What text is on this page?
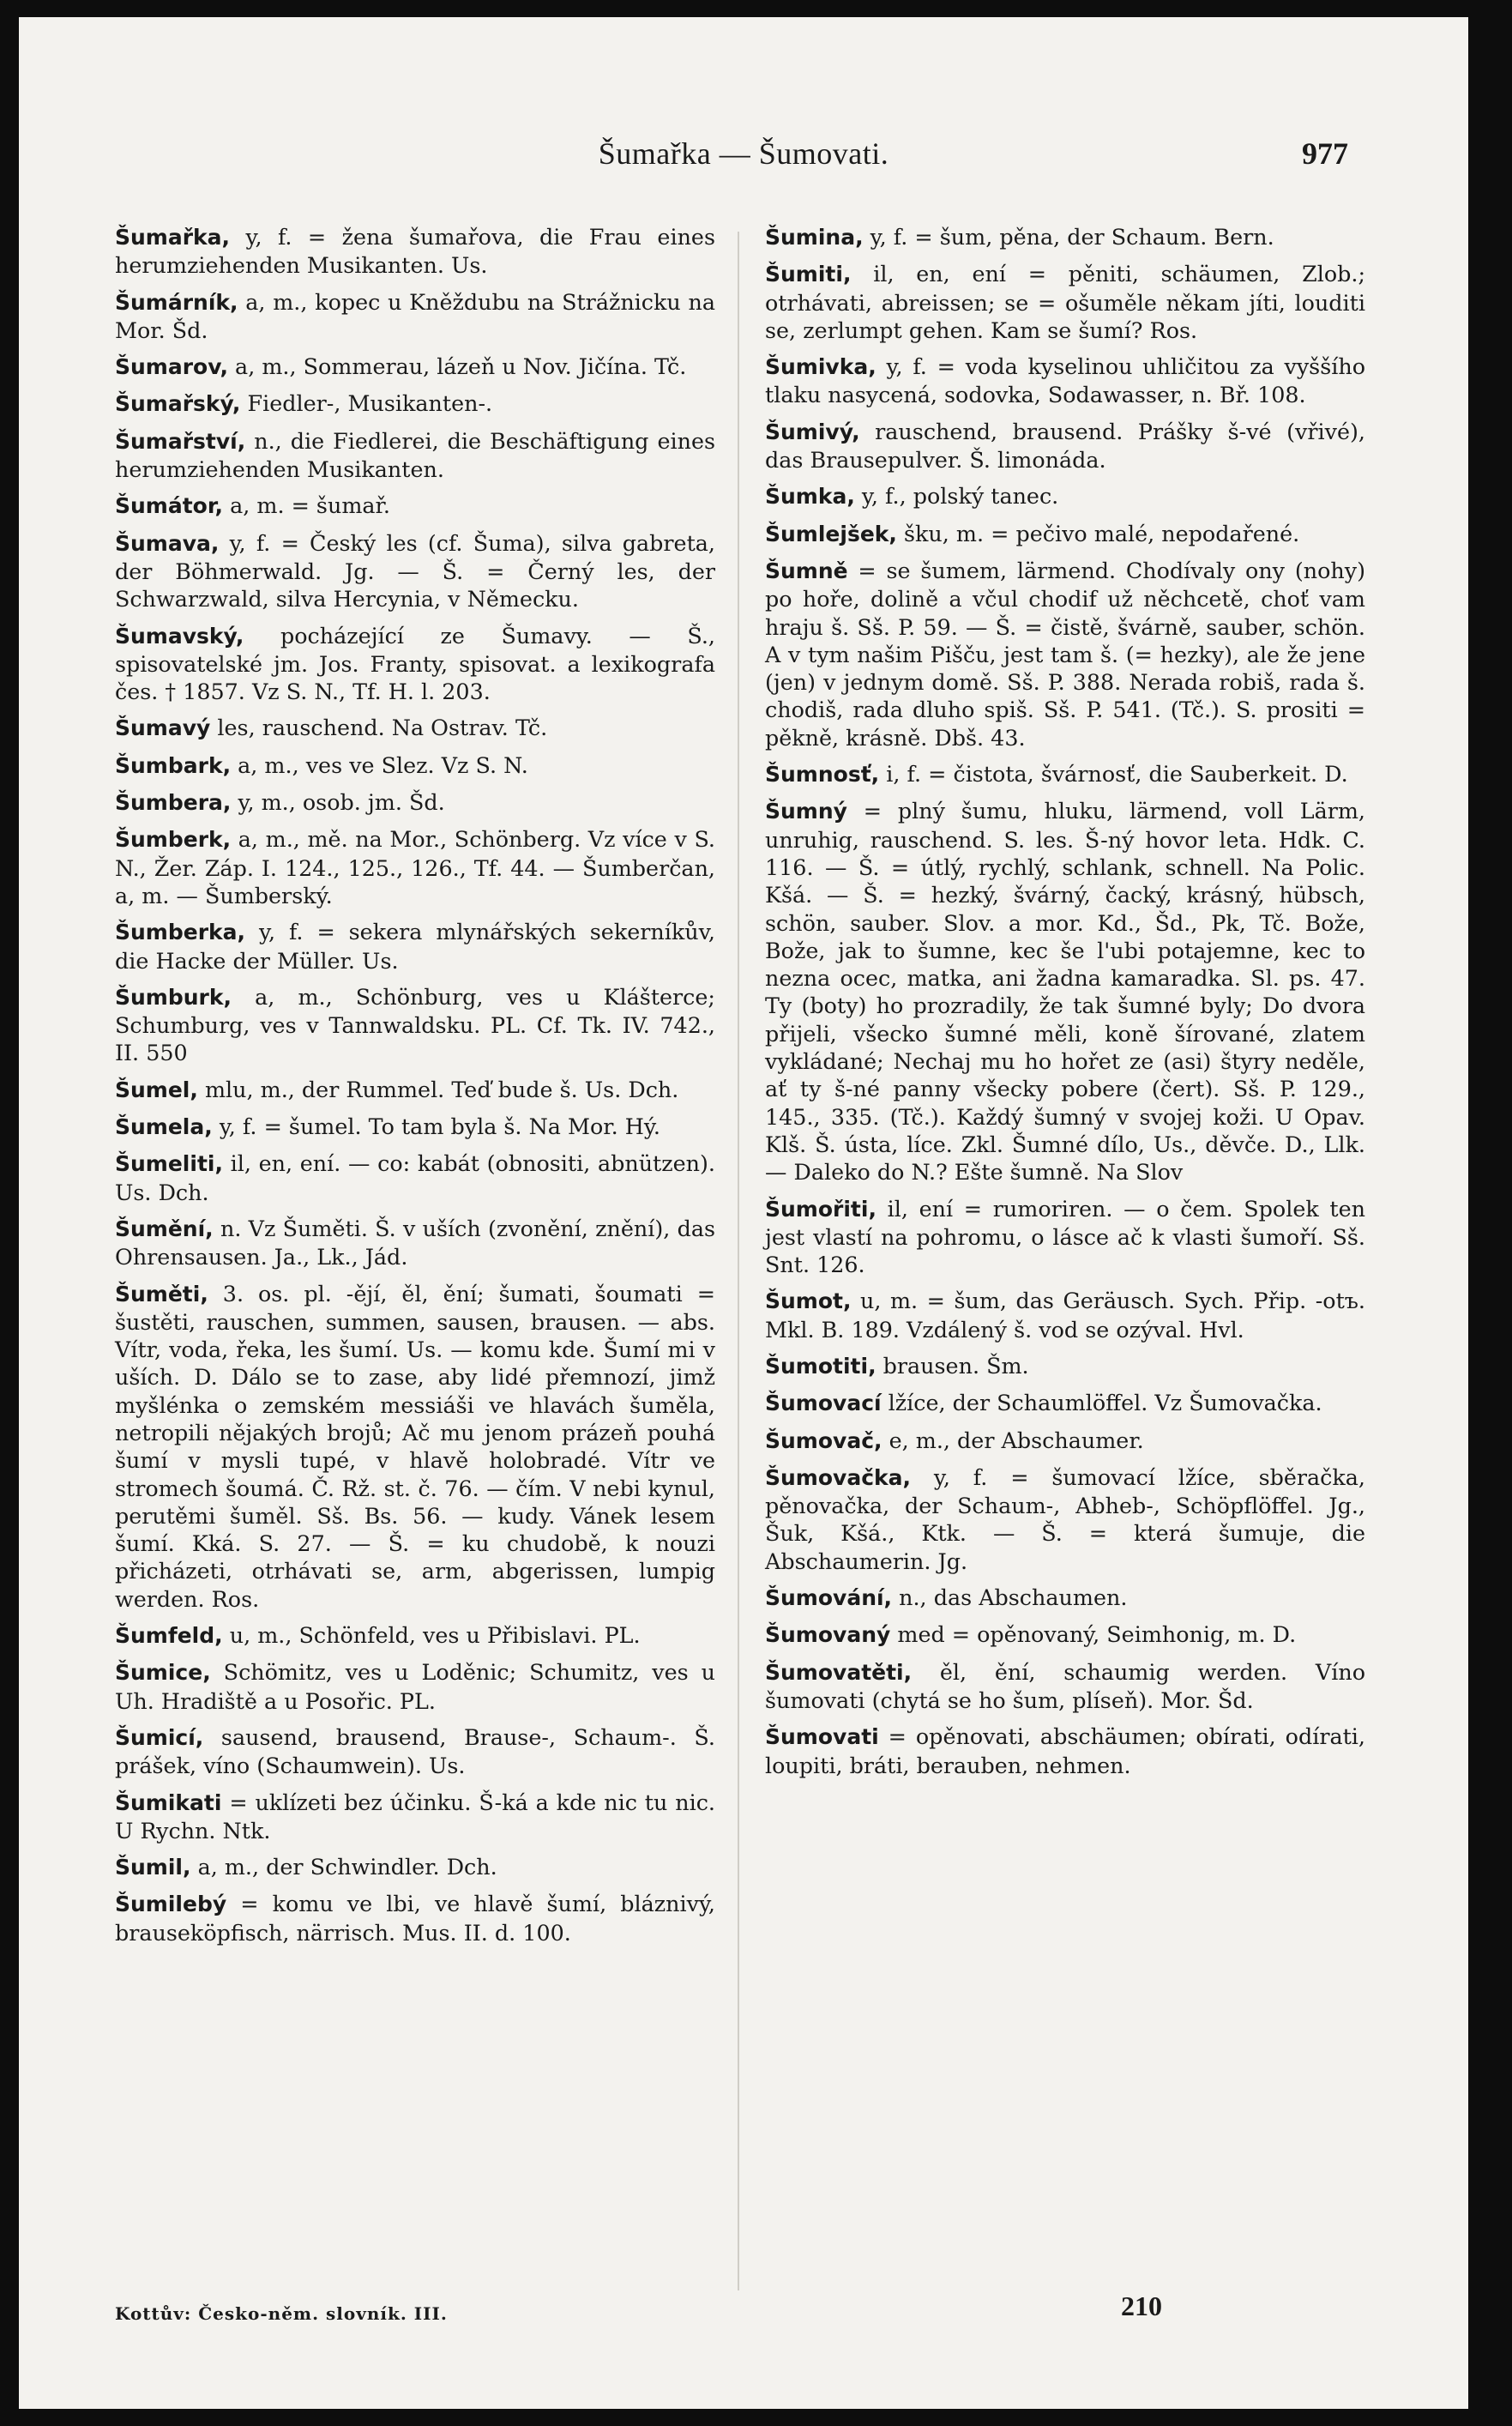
Šumařka — Šumovati.	977

Šumařka, y, f. = žena šumařova, die Frau eines herumziehenden Musikanten. Us.

Šumárník, a, m., kopec u Kněždubu na Strážnicku na Mor. Šd.

Šumarov, a, m., Sommerau, lázeň u Nov. Jičína. Tč.

Šumařský, Fiedler-, Musikanten-.

Šumařství, n., die Fiedlerei, die Beschäftigung eines herumziehenden Musikanten.

Šumátor, a, m. = šumař.

Šumava, y, f. = Český les (cf. Šuma), silva gabreta, der Böhmerwald. Jg. — Š. = Černý les, der Schwarzwald, silva Hercynia, v Německu.

Šumavský, pocházející ze Šumavy. — Š., spisovatelské jm. Jos. Franty, spisovat. a lexikografa čes. † 1857. Vz S. N., Tf. H. l. 203.

Šumavý les, rauschend. Na Ostrav. Tč.

Šumbark, a, m., ves ve Slez. Vz S. N.

Šumbera, y, m., osob. jm. Šd.

Šumberk, a, m., mě. na Mor., Schönberg. Vz více v S. N., Žer. Záp. I. 124., 125., 126., Tf. 44. — Šumberčan, a, m. — Šumberský.

Šumberka, y, f. = sekera mlynářských sekerníkův, die Hacke der Müller. Us.

Šumburk, a, m., Schönburg, ves u Klášterce; Schumburg, ves v Tannwaldsku. PL. Cf. Tk. IV. 742., II. 550

Šumel, mlu, m., der Rummel. Teď bude š. Us. Dch.

Šumela, y, f. = šumel. To tam byla š. Na Mor. Hý.

Šumeliti, il, en, ení. — co: kabát (obnositi, abnützen). Us. Dch.

Šumění, n. Vz Šuměti. Š. v uších (zvonění, znění), das Ohrensausen. Ja., Lk., Jád.

Šuměti, 3. os. pl. -ějí, ěl, ění; šumati, šoumati = šustěti, rauschen, summen, sausen, brausen. — abs. Vítr, voda, řeka, les šumí. Us. — komu kde. Šumí mi v uších. D. Dálo se to zase, aby lidé přemnozí, jimž myšlénka o zemském messiáši ve hlavách šuměla, netropili nějakých brojů; Ač mu jenom prázeň pouhá šumí v mysli tupé, v hlavě holobradé. Vítr ve stromech šoumá. Č. Rž. st. č. 76. — čím. V nebi kynul, perutěmi šuměl. Sš. Bs. 56. — kudy. Vánek lesem šumí. Kká. S. 27. — Š. = ku chudobě, k nouzi přicházeti, otrhávati se, arm, abgerissen, lumpig werden. Ros.

Šumfeld, u, m., Schönfeld, ves u Přibislavi. PL.

Šumice, Schömitz, ves u Loděnic; Schumitz, ves u Uh. Hradiště a u Posořic. PL.

Šumicí, sausend, brausend, Brause-, Schaum-. Š. prášek, víno (Schaumwein). Us.

Šumikati = uklízeti bez účinku. Š-ká a kde nic tu nic. U Rychn. Ntk.

Šumil, a, m., der Schwindler. Dch.

Šumilebý = komu ve lbi, ve hlavě šumí, bláznivý, brauseköpfisch, närrisch. Mus. II. d. 100.

Šumina, y, f. = šum, pěna, der Schaum. Bern.

Šumiti, il, en, ení = pěniti, schäumen, Zlob.; otrhávati, abreissen; se = ošuměle někam jíti, louditi se, zerlumpt gehen. Kam se šumí? Ros.

Šumivka, y, f. = voda kyselinou uhličitou za vyššího tlaku nasycená, sodovka, Sodawasser, n. Bř. 108.

Šumivý, rauschend, brausend. Prášky š-vé (vřivé), das Brausepulver. Š. limonáda.

Šumka, y, f., polský tanec.

Šumlejšek, šku, m. = pečivo malé, nepodařené.

Šumně = se šumem, lärmend. Chodívaly ony (nohy) po hoře, dolině a včul chodif už něchcetě, choť vam hraju š. Sš. P. 59. — Š. = čistě, švárně, sauber, schön. A v tym našim Pišču, jest tam š. (= hezky), ale že jene (jen) v jednym domě. Sš. P. 388. Nerada robiš, rada š. chodiš, rada dluho spiš. Sš. P. 541. (Tč.). S. prositi = pěkně, krásně. Dbš. 43.

Šumnosť, i, f. = čistota, švárnosť, die Sauberkeit. D.

Šumný = plný šumu, hluku, lärmend, voll Lärm, unruhig, rauschend. S. les. Š-ný hovor leta. Hdk. C. 116. — Š. = útlý, rychlý, schlank, schnell. Na Polic. Kšá. — Š. = hezký, švárný, čacký, krásný, hübsch, schön, sauber. Slov. a mor. Kd., Šd., Pk, Tč. Bože, Bože, jak to šumne, kec še l'ubi potajemne, kec to nezna ocec, matka, ani žadna kamaradka. Sl. ps. 47. Ty (boty) ho prozradily, že tak šumné byly; Do dvora přijeli, všecko šumné měli, koně šírované, zlatem vykládané; Nechaj mu ho hořet ze (asi) štyry neděle, ať ty š-né panny všecky pobere (čert). Sš. P. 129., 145., 335. (Tč.). Každý šumný v svojej koži. U Opav. Klš. Š. ústa, líce. Zkl. Šumné dílo, Us., děvče. D., Llk. — Daleko do N.? Ešte šumně. Na Slov

Šumořiti, il, ení = rumoriren. — o čem. Spolek ten jest vlastí na pohromu, o lásce ač k vlasti šumoří. Sš. Snt. 126.

Šumot, u, m. = šum, das Geräusch. Sych. Přip. -otъ. Mkl. B. 189. Vzdálený š. vod se ozýval. Hvl.

Šumotiti, brausen. Šm.

Šumovací lžíce, der Schaumlöffel. Vz Šumovačka.

Šumovač, e, m., der Abschaumer.

Šumovačka, y, f. = šumovací lžíce, sběračka, pěnovačka, der Schaum-, Abheb-, Schöpflöffel. Jg., Šuk, Kšá., Ktk. — Š. = která šumuje, die Abschaumerin. Jg.

Šumování, n., das Abschaumen.

Šumovaný med = opěnovaný, Seimhonig, m. D.

Šumovatěti, ěl, ění, schaumig werden. Víno šumovati (chytá se ho šum, plíseň). Mor. Šd.

Šumovati = opěnovati, abschäumen; obírati, odírati, loupiti, bráti, berauben, nehmen.

Kottův: Česko-něm. slovník. III.	210
